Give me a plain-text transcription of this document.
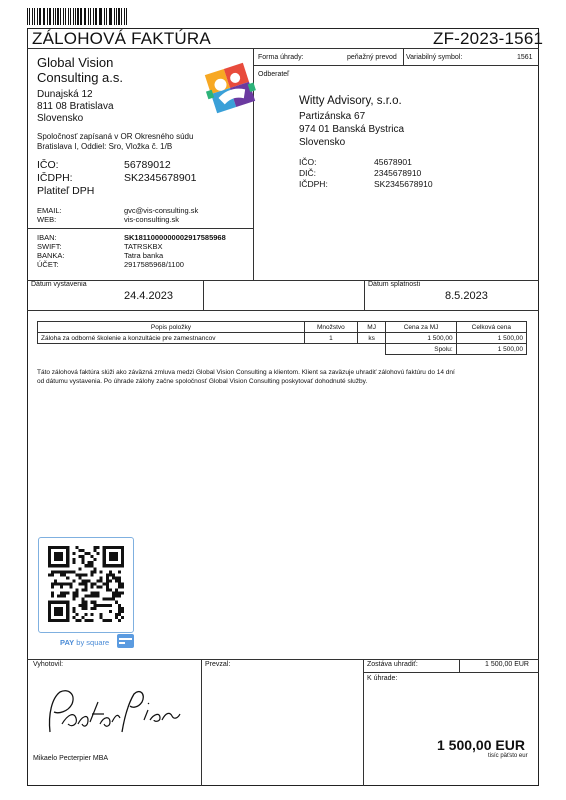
ZÁLOHOVÁ FAKTÚRA	ZF-2023-1561
Forma úhrady:	peňažný prevod Variabilný symbol:	1561
Global Vision
Consulting a.s.
Dunajská 12
811 08 Bratislava
Slovensko
Spoločnosť zapísaná v OR Okresného súdu
Bratislava I, Oddiel: Sro, Vložka č. 1/B
IČO:	56789012
IČDPH:	SK2345678901
Platiteľ DPH
EMAIL:	gvc@vis-consulting.sk
WEB:	vis-consulting.sk
IBAN:	SK1811000000002917585968
SWIFT:	TATRSKBX
BANKA:	Tatra banka
ÚČET:	2917585968/1100
Odberateľ
Witty Advisory, s.r.o.
Partizánska 67
974 01 Banská Bystrica
Slovensko
IČO:	45678901
DIČ:	2345678910
IČDPH:	SK2345678910
Dátum vystavenia
24.4.2023
Dátum splatnosti
8.5.2023
Popis položky	Množstvo	MJ	Cena za MJ	Celková cena
Záloha za odborné školenie a konzultácie pre zamestnancov	1	ks	1 500,00	1 500,00
			Spolu:	1 500,00
Táto zálohová faktúra slúži ako záväzná zmluva medzi Global Vision Consulting a klientom. Klient sa zaväzuje uhradiť zálohovú faktúru do 14 dní
od dátumu vystavenia. Po úhrade zálohy začne spoločnosť Global Vision Consulting poskytovať dohodnuté služby.
PAY by square
Vyhotovil:	Prevzal:	Zostáva uhradiť:	1 500,00 EUR
K úhrade:
Mikaelo Pecterpier MBA
1 500,00 EUR
tisíc päťsto eur
